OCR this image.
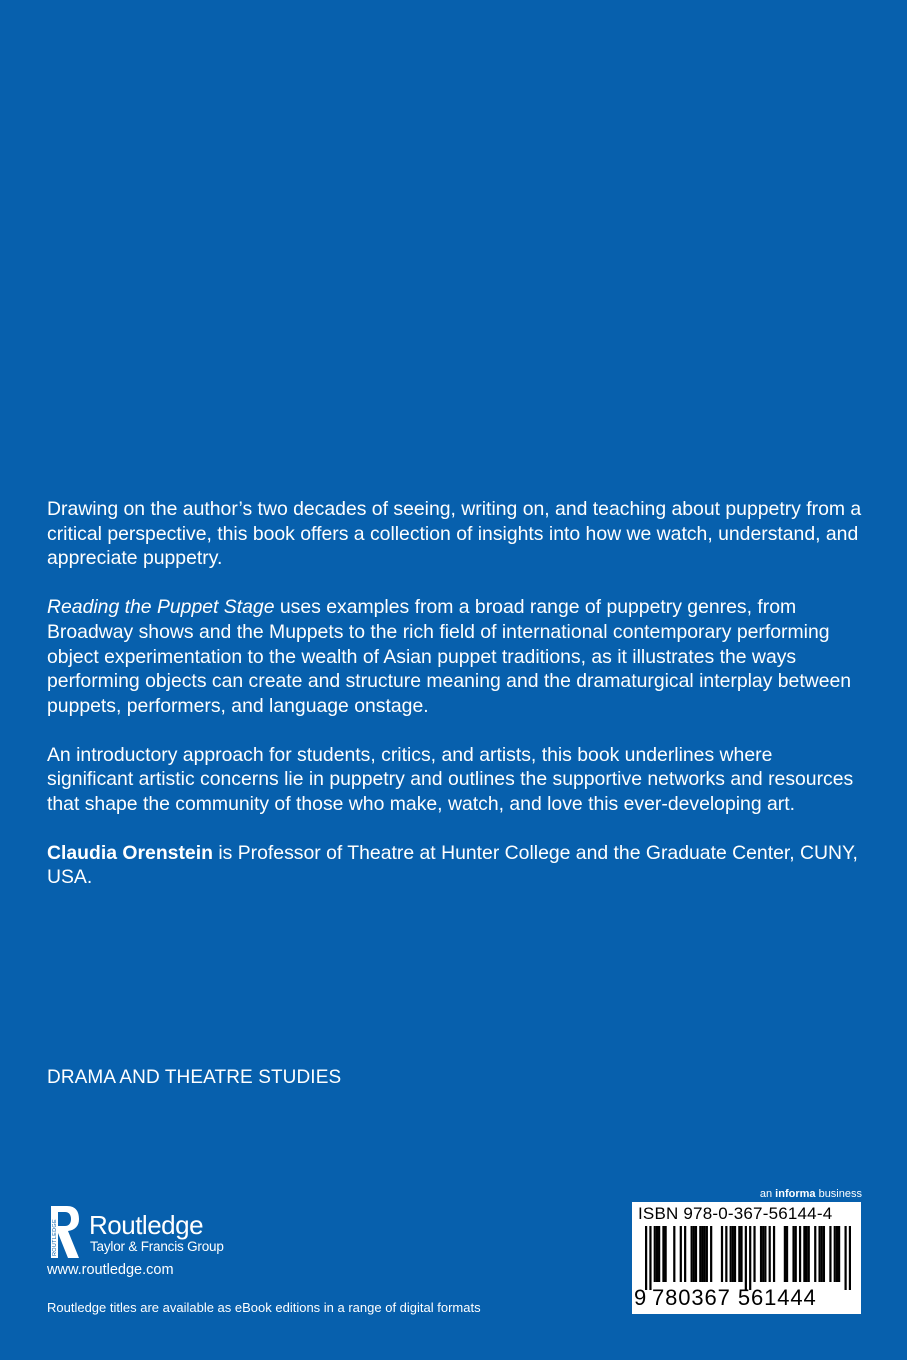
Drawing on the author’s two decades of seeing, writing on, and teaching about puppetry from a critical perspective, this book offers a collection of insights into how we watch, understand, and appreciate puppetry.

Reading the Puppet Stage uses examples from a broad range of puppetry genres, from Broadway shows and the Muppets to the rich field of international contemporary performing object experimentation to the wealth of Asian puppet traditions, as it illustrates the ways performing objects can create and structure meaning and the dramaturgical interplay between puppets, performers, and language onstage.

An introductory approach for students, critics, and artists, this book underlines where significant artistic concerns lie in puppetry and outlines the supportive networks and resources that shape the community of those who make, watch, and love this ever-developing art.

Claudia Orenstein is Professor of Theatre at Hunter College and the Graduate Center, CUNY, USA.

DRAMA AND THEATRE STUDIES
ROUTLEDGE Routledge
Taylor & Francis Group
www.routledge.com
Routledge titles are available as eBook editions in a range of digital formats
an informa business
ISBN 978-0-367-56144-4
9 780367 561444
